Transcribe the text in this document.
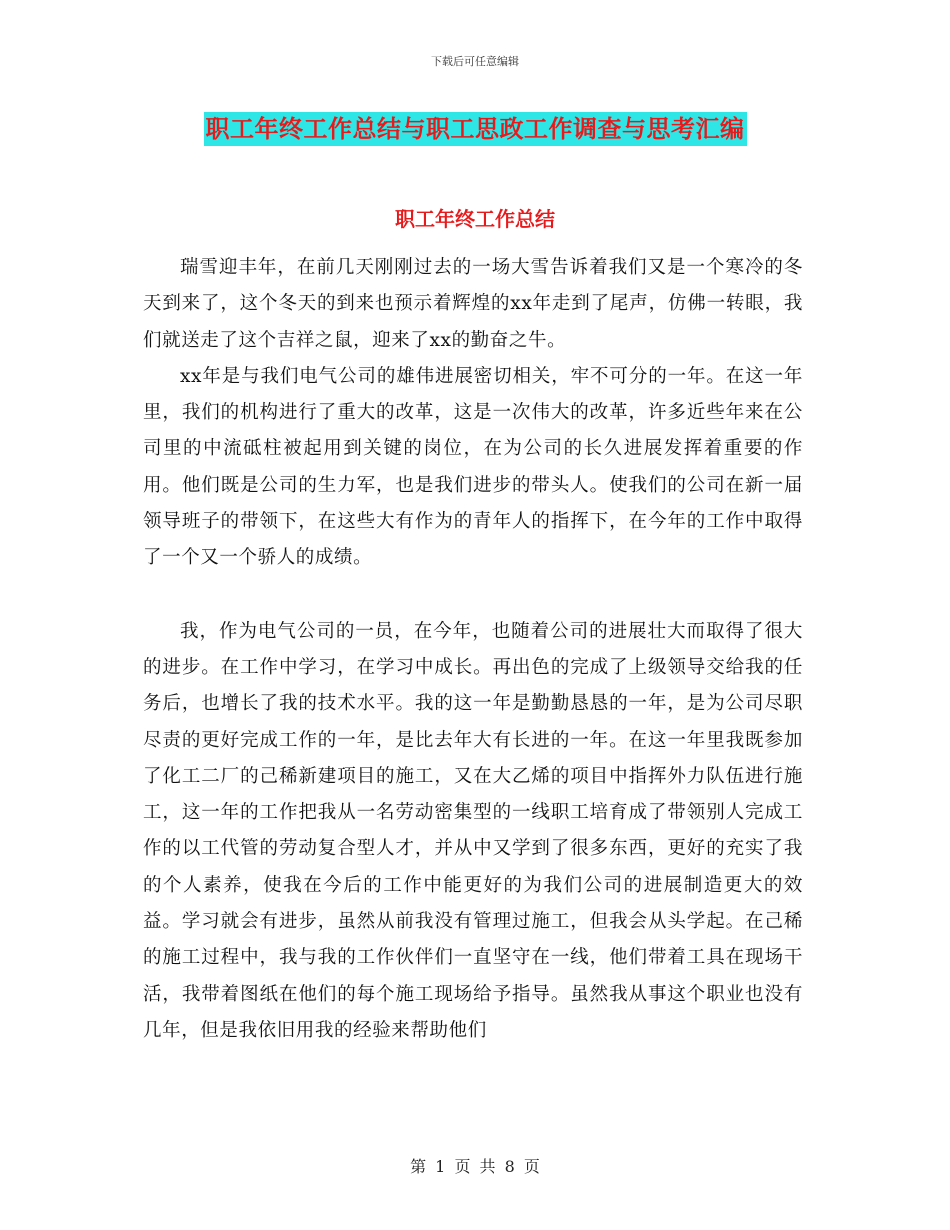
下载后可任意编辑
职工年终工作总结与职工思政工作调查与思考汇编
职工年终工作总结

瑞雪迎丰年，在前几天刚刚过去的一场大雪告诉着我们又是一个寒冷的冬天到来了，这个冬天的到来也预示着辉煌的xx年走到了尾声，仿佛一转眼，我们就送走了这个吉祥之鼠，迎来了xx的勤奋之牛。

xx年是与我们电气公司的雄伟进展密切相关，牢不可分的一年。在这一年里，我们的机构进行了重大的改革，这是一次伟大的改革，许多近些年来在公司里的中流砥柱被起用到关键的岗位，在为公司的长久进展发挥着重要的作用。他们既是公司的生力军，也是我们进步的带头人。使我们的公司在新一届领导班子的带领下，在这些大有作为的青年人的指挥下，在今年的工作中取得了一个又一个骄人的成绩。

我，作为电气公司的一员，在今年，也随着公司的进展壮大而取得了很大的进步。在工作中学习，在学习中成长。再出色的完成了上级领导交给我的任务后，也增长了我的技术水平。我的这一年是勤勤恳恳的一年，是为公司尽职尽责的更好完成工作的一年，是比去年大有长进的一年。在这一年里我既参加了化工二厂的己稀新建项目的施工，又在大乙烯的项目中指挥外力队伍进行施工，这一年的工作把我从一名劳动密集型的一线职工培育成了带领别人完成工作的以工代管的劳动复合型人才，并从中又学到了很多东西，更好的充实了我的个人素养，使我在今后的工作中能更好的为我们公司的进展制造更大的效益。学习就会有进步，虽然从前我没有管理过施工，但我会从头学起。在己稀的施工过程中，我与我的工作伙伴们一直坚守在一线，他们带着工具在现场干活，我带着图纸在他们的每个施工现场给予指导。虽然我从事这个职业也没有几年，但是我依旧用我的经验来帮助他们

第 1 页 共 8 页
